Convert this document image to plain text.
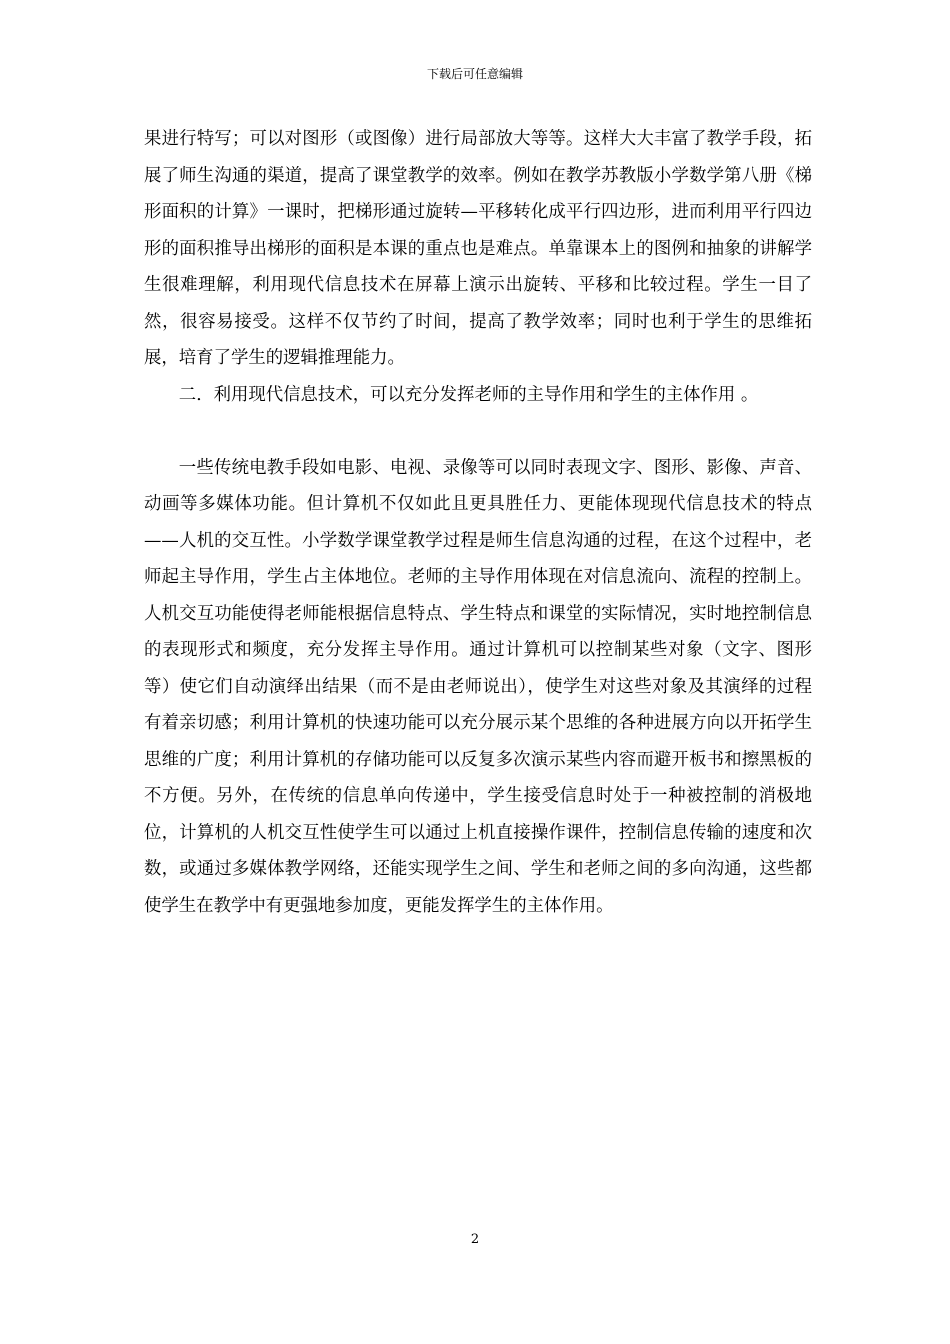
下载后可任意编辑

果进行特写；可以对图形（或图像）进行局部放大等等。这样大大丰富了教学手段，拓展了师生沟通的渠道，提高了课堂教学的效率。例如在教学苏教版小学数学第八册《梯形面积的计算》一课时，把梯形通过旋转—平移转化成平行四边形，进而利用平行四边形的面积推导出梯形的面积是本课的重点也是难点。单靠课本上的图例和抽象的讲解学生很难理解，利用现代信息技术在屏幕上演示出旋转、平移和比较过程。学生一目了然，很容易接受。这样不仅节约了时间，提高了教学效率；同时也利于学生的思维拓展，培育了学生的逻辑推理能力。

二．利用现代信息技术，可以充分发挥老师的主导作用和学生的主体作用 。

一些传统电教手段如电影、电视、录像等可以同时表现文字、图形、影像、声音、动画等多媒体功能。但计算机不仅如此且更具胜任力、更能体现现代信息技术的特点——人机的交互性。小学数学课堂教学过程是师生信息沟通的过程，在这个过程中，老师起主导作用，学生占主体地位。老师的主导作用体现在对信息流向、流程的控制上。人机交互功能使得老师能根据信息特点、学生特点和课堂的实际情况，实时地控制信息的表现形式和频度，充分发挥主导作用。通过计算机可以控制某些对象（文字、图形等）使它们自动演绎出结果（而不是由老师说出），使学生对这些对象及其演绎的过程有着亲切感；利用计算机的快速功能可以充分展示某个思维的各种进展方向以开拓学生思维的广度；利用计算机的存储功能可以反复多次演示某些内容而避开板书和擦黑板的不方便。另外，在传统的信息单向传递中，学生接受信息时处于一种被控制的消极地位，计算机的人机交互性使学生可以通过上机直接操作课件，控制信息传输的速度和次数，或通过多媒体教学网络，还能实现学生之间、学生和老师之间的多向沟通，这些都使学生在教学中有更强地参加度，更能发挥学生的主体作用。

2
